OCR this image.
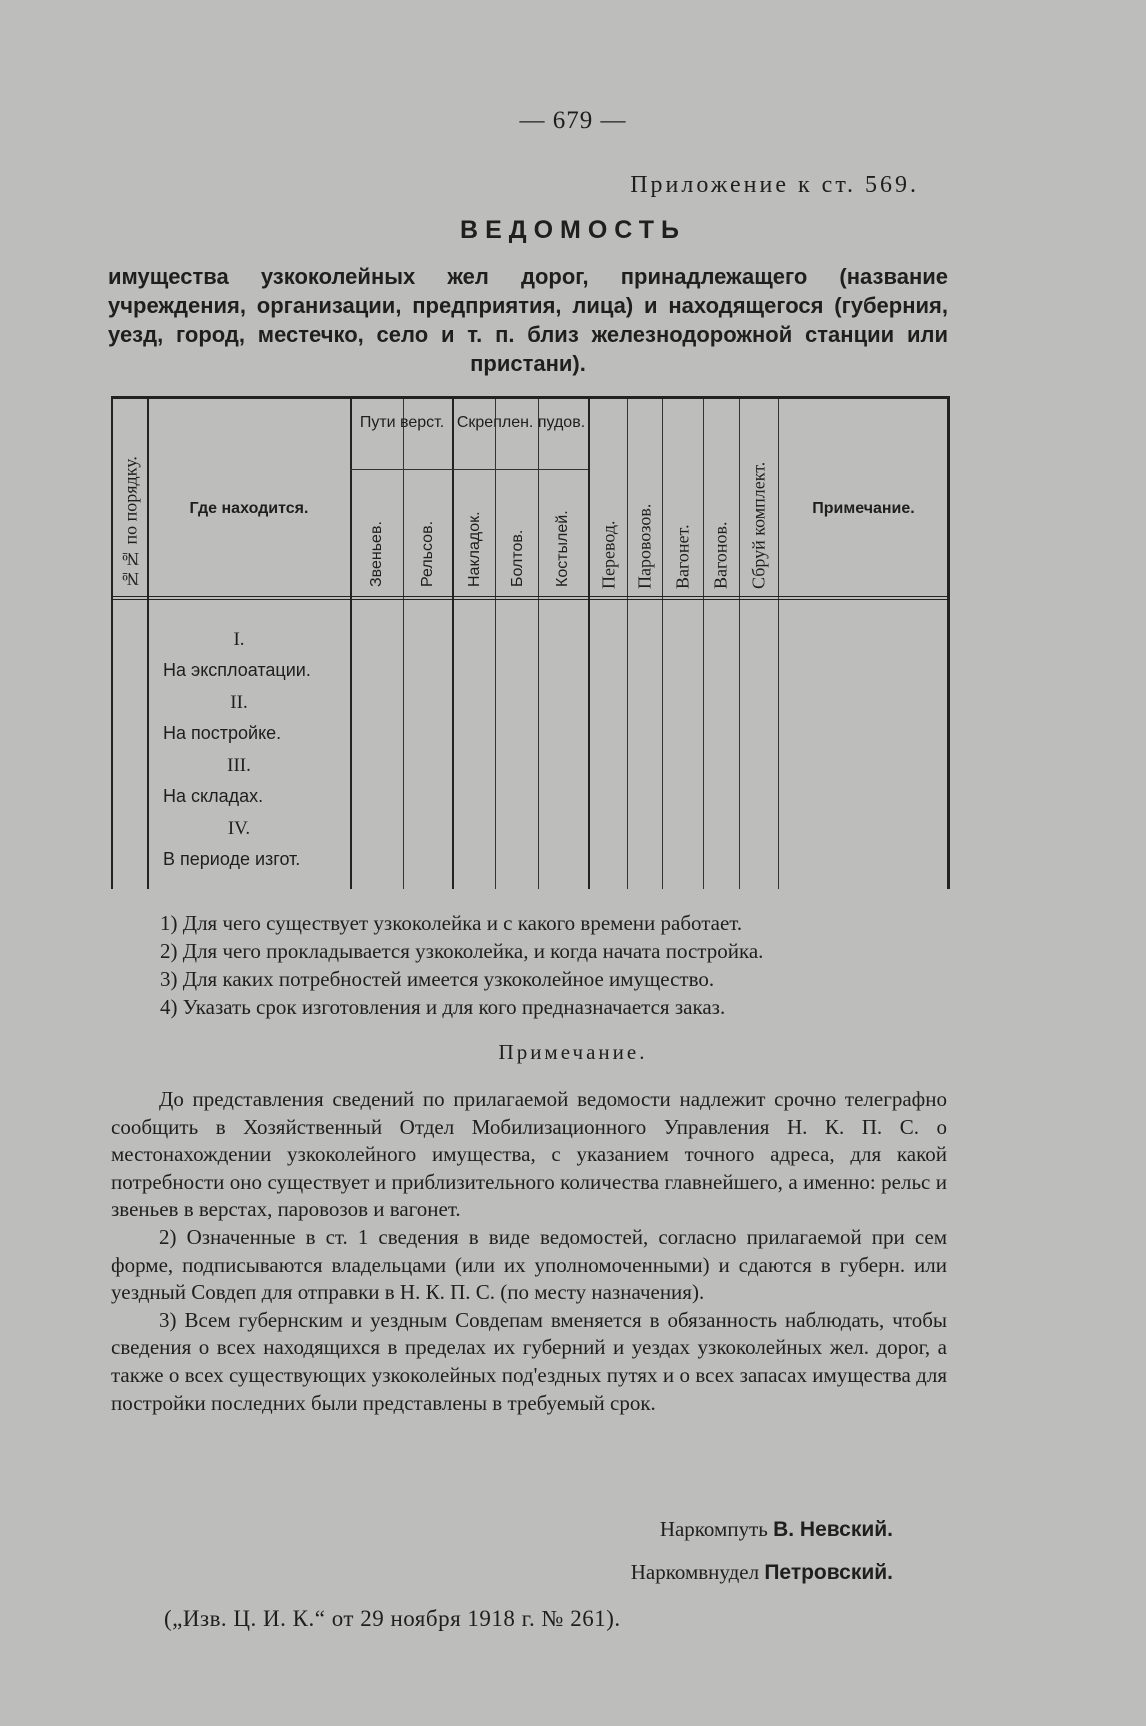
— 679 —
Приложение к ст. 569.
ВЕДОМОСТЬ
имущества узкоколейных жел дорог, принадлежащего (название учреждения, организации, предприятия, лица) и находящегося (губерния, уезд, город, местечко, село и т. п. близ железнодорожной станции или пристани).
№№ по порядку.	Где находится.
Пути верст. Скреплен. пудов.
Примечание.
Звеньев. Рельсов. Накладок. Болтов. Костылей. Перевод. Паровозов. Вагонет. Вагонов. Сбруй комплект.
I.
На эксплоатации.
II.
На постройке.
III.
На складах.
IV.
В периоде изгот.
1) Для чего существует узкоколейка и с какого времени работает.
2) Для чего прокладывается узкоколейка, и когда начата постройка.
3) Для каких потребностей имеется узкоколейное имущество.
4) Указать срок изготовления и для кого предназначается заказ.
Примечание.

До представления сведений по прилагаемой ведомости надлежит срочно телеграфно сообщить в Хозяйственный Отдел Мобилизационного Управления Н. К. П. С. о местонахождении узкоколейного имущества, с указанием точного адреса, для какой потребности оно существует и приблизительного количества главнейшего, а именно: рельс и звеньев в верстах, паровозов и вагонет.

2) Означенные в ст. 1 сведения в виде ведомостей, согласно прилагаемой при сем форме, подписываются владельцами (или их уполномоченными) и сдаются в губерн. или уездный Совдеп для отправки в Н. К. П. С. (по месту назначения).

3) Всем губернским и уездным Совдепам вменяется в обязанность наблюдать, чтобы сведения о всех находящихся в пределах их губерний и уездах узкоколейных жел. дорог, а также о всех существующих узкоколейных под'ездных путях и о всех запасах имущества для постройки последних были представлены в требуемый срок.

Наркомпуть В. Невский.
Наркомвнудел Петровский.
(„Изв. Ц. И. К.“ от 29 ноября 1918 г. № 261).
